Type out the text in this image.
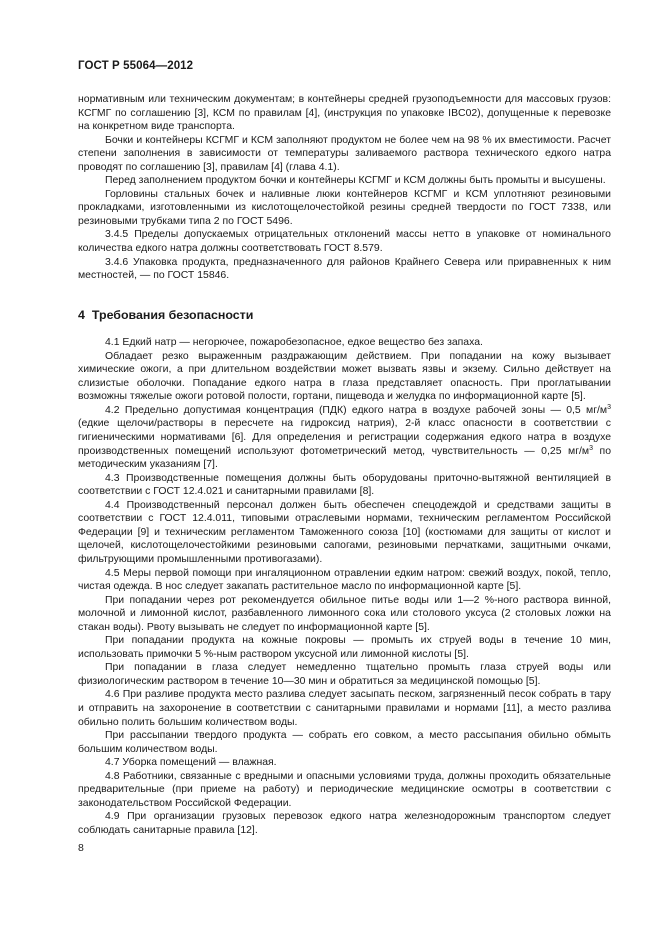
ГОСТ Р 55064—2012

нормативным или техническим документам; в контейнеры средней грузоподъемности для массовых грузов: КСГМГ по соглашению [3], КСМ по правилам [4], (инструкция по упаковке IBC02), допущенные к перевозке на конкретном виде транспорта.

Бочки и контейнеры КСГМГ и КСМ заполняют продуктом не более чем на 98 % их вместимости. Расчет степени заполнения в зависимости от температуры заливаемого раствора технического едкого натра проводят по соглашению [3], правилам [4] (глава 4.1).

Перед заполнением продуктом бочки и контейнеры КСГМГ и КСМ должны быть промыты и высушены.

Горловины стальных бочек и наливные люки контейнеров КСГМГ и КСМ уплотняют резиновыми прокладками, изготовленными из кислотощелочестойкой резины средней твердости по ГОСТ 7338, или резиновыми трубками типа 2 по ГОСТ 5496.

3.4.5 Пределы допускаемых отрицательных отклонений массы нетто в упаковке от номинального количества едкого натра должны соответствовать ГОСТ 8.579.

3.4.6 Упаковка продукта, предназначенного для районов Крайнего Севера или приравненных к ним местностей, — по ГОСТ 15846.

4 Требования безопасности

4.1 Едкий натр — негорючее, пожаробезопасное, едкое вещество без запаха.

Обладает резко выраженным раздражающим действием. При попадании на кожу вызывает химические ожоги, а при длительном воздействии может вызвать язвы и экзему. Сильно действует на слизистые оболочки. Попадание едкого натра в глаза представляет опасность. При проглатывании возможны тяжелые ожоги ротовой полости, гортани, пищевода и желудка по информационной карте [5].

4.2 Предельно допустимая концентрация (ПДК) едкого натра в воздухе рабочей зоны — 0,5 $мг/м^3$ (едкие щелочи/растворы в пересчете на гидроксид натрия), 2-й класс опасности в соответствии с гигиеническими нормативами [6]. Для определения и регистрации содержания едкого натра в воздухе производственных помещений используют фотометрический метод, чувствительность — 0,25 $мг/м^3$ по методическим указаниям [7].

4.3 Производственные помещения должны быть оборудованы приточно-вытяжной вентиляцией в соответствии с ГОСТ 12.4.021 и санитарными правилами [8].

4.4 Производственный персонал должен быть обеспечен спецодеждой и средствами защиты в соответствии с ГОСТ 12.4.011, типовыми отраслевыми нормами, техническим регламентом Российской Федерации [9] и техническим регламентом Таможенного союза [10] (костюмами для защиты от кислот и щелочей, кислотощелочестойкими резиновыми сапогами, резиновыми перчатками, защитными очками, фильтрующими промышленными противогазами).

4.5 Меры первой помощи при ингаляционном отравлении едким натром: свежий воздух, покой, тепло, чистая одежда. В нос следует закапать растительное масло по информационной карте [5].

При попадании через рот рекомендуется обильное питье воды или 1—2 %-ного раствора винной, молочной и лимонной кислот, разбавленного лимонного сока или столового уксуса (2 столовых ложки на стакан воды). Рвоту вызывать не следует по информационной карте [5].

При попадании продукта на кожные покровы — промыть их струей воды в течение 10 мин, использовать примочки 5 %-ным раствором уксусной или лимонной кислоты [5].

При попадании в глаза следует немедленно тщательно промыть глаза струей воды или физиологическим раствором в течение 10—30 мин и обратиться за медицинской помощью [5].

4.6 При разливе продукта место разлива следует засыпать песком, загрязненный песок собрать в тару и отправить на захоронение в соответствии с санитарными правилами и нормами [11], а место разлива обильно полить большим количеством воды.

При рассыпании твердого продукта — собрать его совком, а место рассыпания обильно обмыть большим количеством воды.

4.7 Уборка помещений — влажная.

4.8 Работники, связанные с вредными и опасными условиями труда, должны проходить обязательные предварительные (при приеме на работу) и периодические медицинские осмотры в соответствии с законодательством Российской Федерации.

4.9 При организации грузовых перевозок едкого натра железнодорожным транспортом следует соблюдать санитарные правила [12].

8
